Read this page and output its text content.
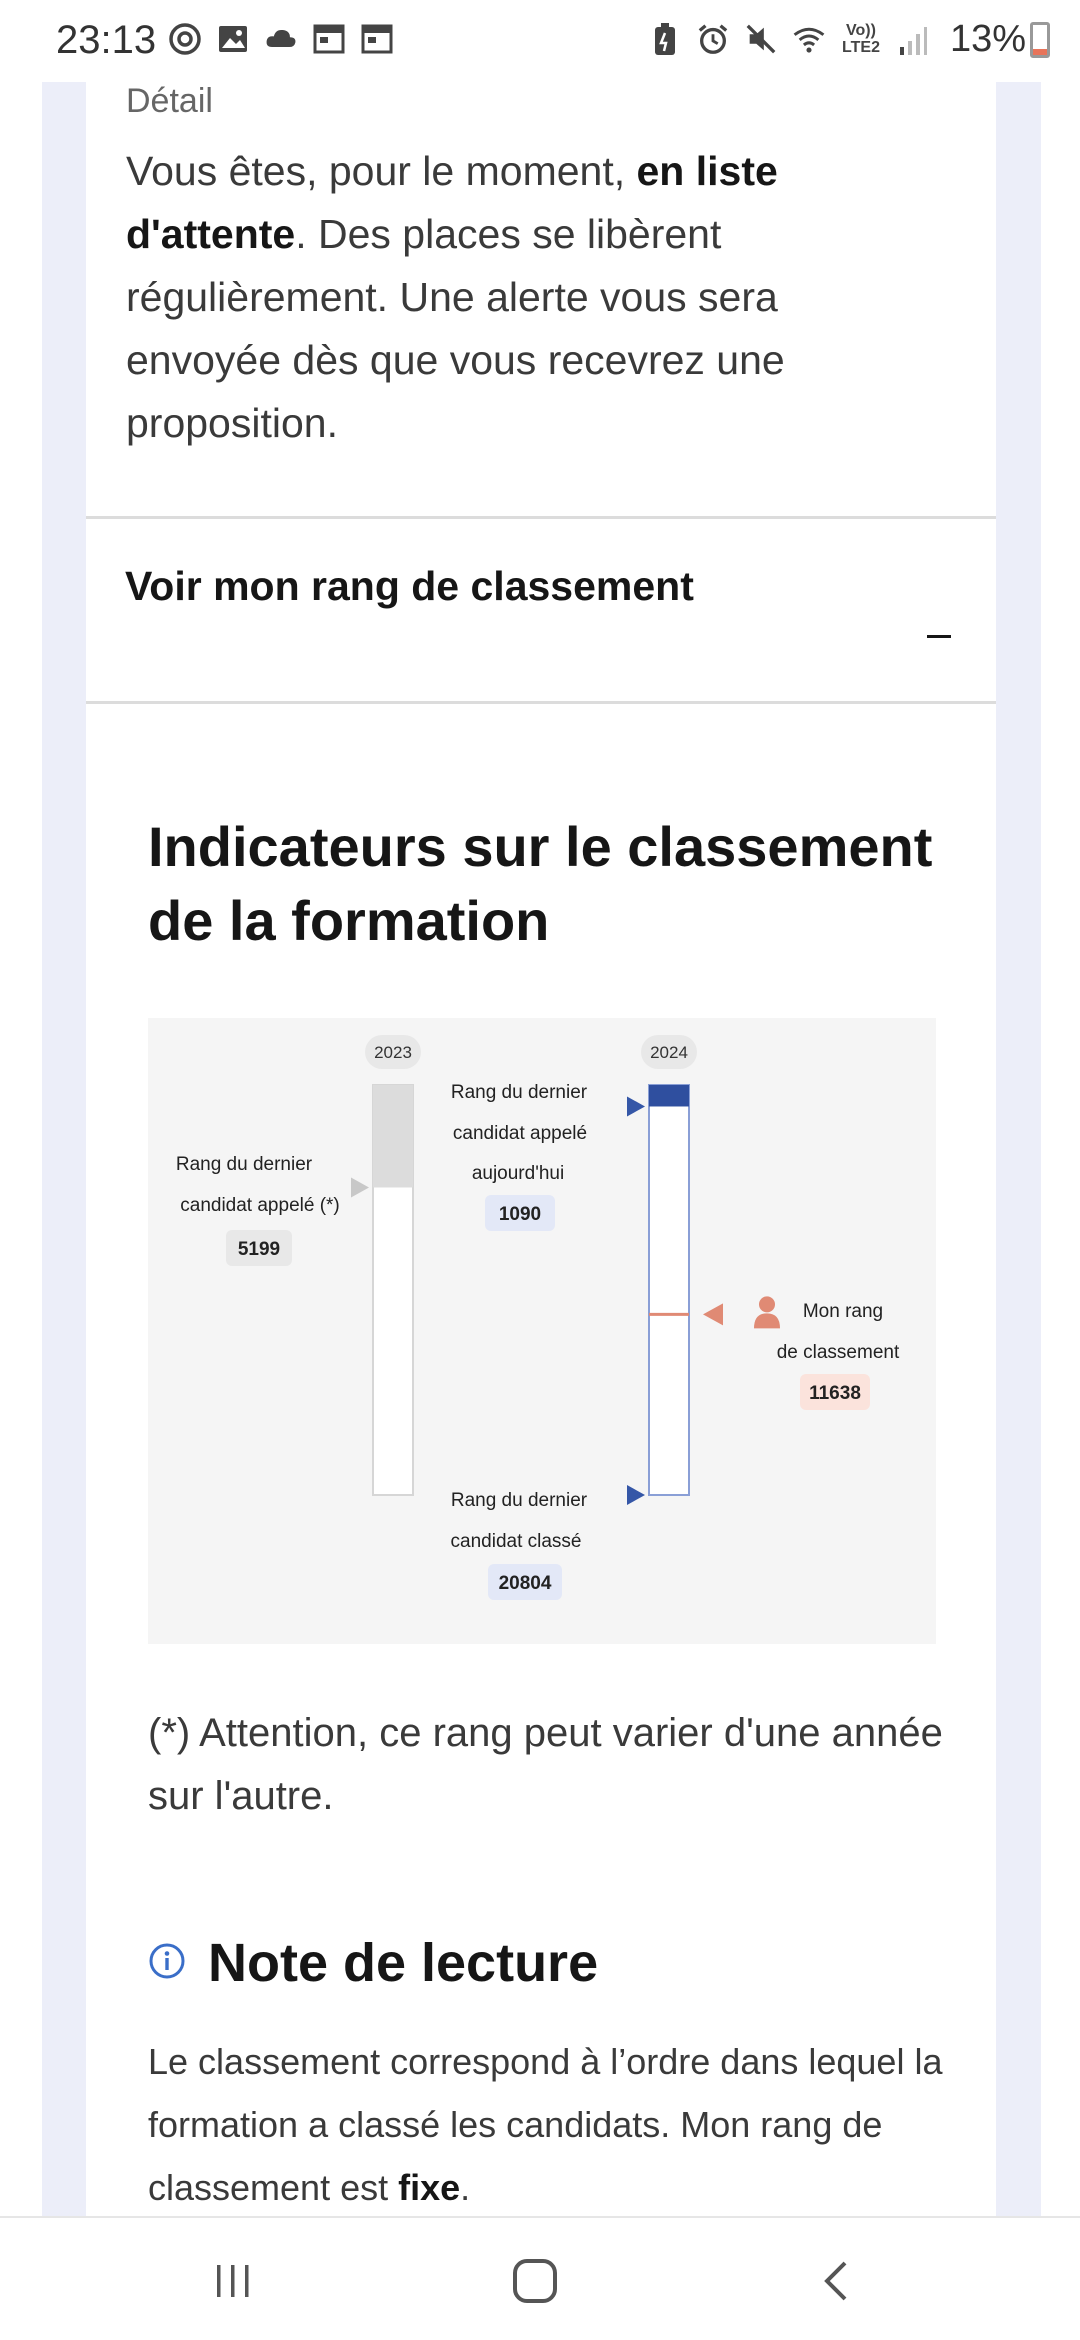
23:13	Vo)) LTE2 13%
Détail

Vous êtes, pour le moment, en liste d'attente. Des places se libèrent régulièrement. Une alerte vous sera envoyée dès que vous recevrez une proposition.

Voir mon rang de classement
Indicateurs sur le classement de la formation
2023	2024
Rang du dernier
candidat appelé (*)
5199
Rang du dernier
candidat appelé
aujourd'hui
1090
Mon rang
de classement
11638
Rang du dernier
candidat classé
20804

(*) Attention, ce rang peut varier d'une année sur l'autre.

Note de lecture

Le classement correspond à l’ordre dans lequel la formation a classé les candidats. Mon rang de classement est fixe.
